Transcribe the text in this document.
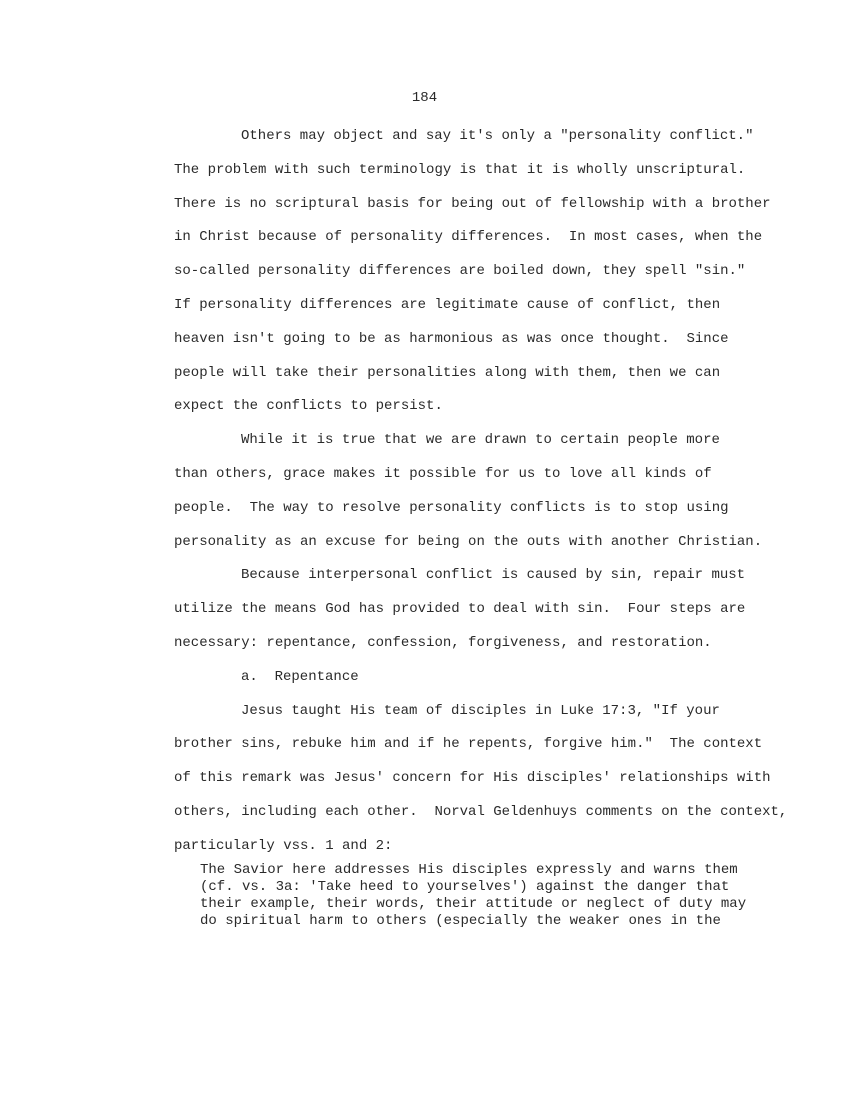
184
Others may object and say it's only a "personality conflict."
The problem with such terminology is that it is wholly unscriptural.
There is no scriptural basis for being out of fellowship with a brother
in Christ because of personality differences.  In most cases, when the
so-called personality differences are boiled down, they spell "sin."
If personality differences are legitimate cause of conflict, then
heaven isn't going to be as harmonious as was once thought.  Since
people will take their personalities along with them, then we can
expect the conflicts to persist.
While it is true that we are drawn to certain people more
than others, grace makes it possible for us to love all kinds of
people.  The way to resolve personality conflicts is to stop using
personality as an excuse for being on the outs with another Christian.
Because interpersonal conflict is caused by sin, repair must
utilize the means God has provided to deal with sin.  Four steps are
necessary: repentance, confession, forgiveness, and restoration.
a.  Repentance
Jesus taught His team of disciples in Luke 17:3, "If your
brother sins, rebuke him and if he repents, forgive him."  The context
of this remark was Jesus' concern for His disciples' relationships with
others, including each other.  Norval Geldenhuys comments on the context,
particularly vss. 1 and 2:
The Savior here addresses His disciples expressly and warns them
(cf. vs. 3a: 'Take heed to yourselves') against the danger that
their example, their words, their attitude or neglect of duty may
do spiritual harm to others (especially the weaker ones in the
